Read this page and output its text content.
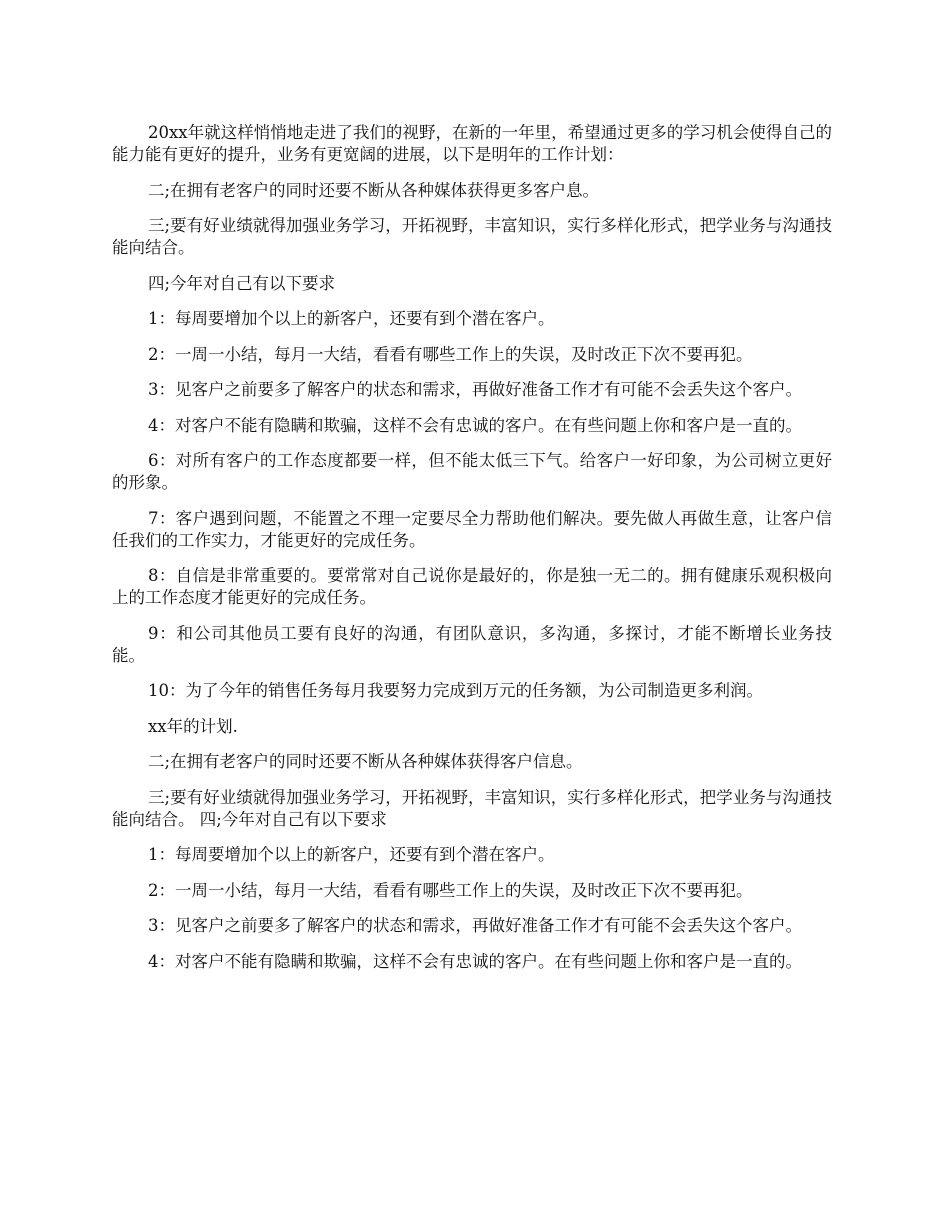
20xx年就这样悄悄地走进了我们的视野，在新的一年里，希望通过更多的学习机会使得自己的能力能有更好的提升，业务有更宽阔的进展，以下是明年的工作计划：

二;在拥有老客户的同时还要不断从各种媒体获得更多客户息。

三;要有好业绩就得加强业务学习，开拓视野，丰富知识，实行多样化形式，把学业务与沟通技能向结合。

四;今年对自己有以下要求

1：每周要增加个以上的新客户，还要有到个潜在客户。

2：一周一小结，每月一大结，看看有哪些工作上的失误，及时改正下次不要再犯。

3：见客户之前要多了解客户的状态和需求，再做好准备工作才有可能不会丢失这个客户。

4：对客户不能有隐瞒和欺骗，这样不会有忠诚的客户。在有些问题上你和客户是一直的。

6：对所有客户的工作态度都要一样，但不能太低三下气。给客户一好印象，为公司树立更好的形象。

7：客户遇到问题，不能置之不理一定要尽全力帮助他们解决。要先做人再做生意，让客户信任我们的工作实力，才能更好的完成任务。

8：自信是非常重要的。要常常对自己说你是最好的，你是独一无二的。拥有健康乐观积极向上的工作态度才能更好的完成任务。

9：和公司其他员工要有良好的沟通，有团队意识，多沟通，多探讨，才能不断增长业务技能。

10：为了今年的销售任务每月我要努力完成到万元的任务额，为公司制造更多利润。

xx年的计划.

二;在拥有老客户的同时还要不断从各种媒体获得客户信息。

三;要有好业绩就得加强业务学习，开拓视野，丰富知识，实行多样化形式，把学业务与沟通技能向结合。 四;今年对自己有以下要求

1：每周要增加个以上的新客户，还要有到个潜在客户。

2：一周一小结，每月一大结，看看有哪些工作上的失误，及时改正下次不要再犯。

3：见客户之前要多了解客户的状态和需求，再做好准备工作才有可能不会丢失这个客户。

4：对客户不能有隐瞒和欺骗，这样不会有忠诚的客户。在有些问题上你和客户是一直的。
